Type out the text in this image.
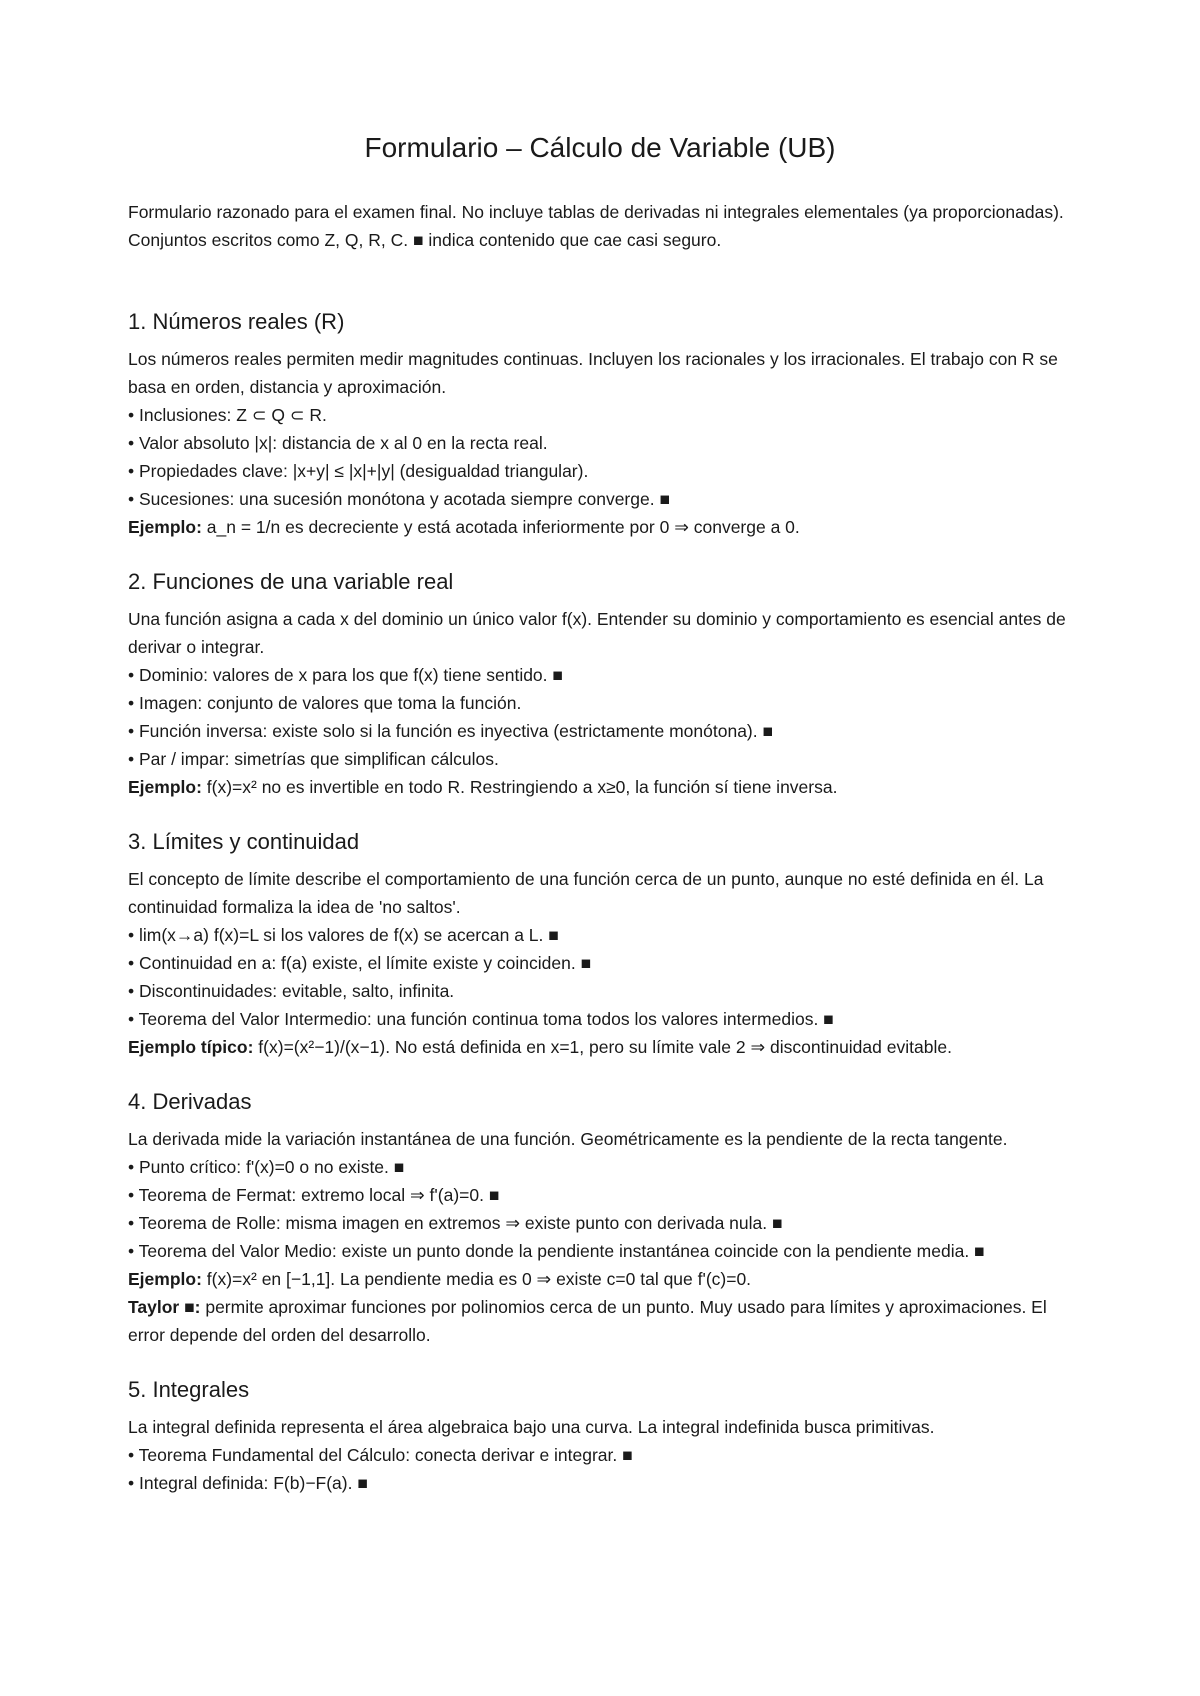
Formulario – Cálculo de Variable (UB)

Formulario razonado para el examen final. No incluye tablas de derivadas ni integrales elementales (ya proporcionadas). Conjuntos escritos como Z, Q, R, C. ■ indica contenido que cae casi seguro.

1. Números reales (R)

Los números reales permiten medir magnitudes continuas. Incluyen los racionales y los irracionales. El trabajo con R se basa en orden, distancia y aproximación.

• Inclusiones: Z ⊂ Q ⊂ R.
• Valor absoluto |x|: distancia de x al 0 en la recta real.
• Propiedades clave: |x+y| ≤ |x|+|y| (desigualdad triangular).
• Sucesiones: una sucesión monótona y acotada siempre converge. ■
Ejemplo: a_n = 1/n es decreciente y está acotada inferiormente por 0 ⇒ converge a 0.
2. Funciones de una variable real

Una función asigna a cada x del dominio un único valor f(x). Entender su dominio y comportamiento es esencial antes de derivar o integrar.

• Dominio: valores de x para los que f(x) tiene sentido. ■
• Imagen: conjunto de valores que toma la función.
• Función inversa: existe solo si la función es inyectiva (estrictamente monótona). ■
• Par / impar: simetrías que simplifican cálculos.
Ejemplo: f(x)=x² no es invertible en todo R. Restringiendo a x≥0, la función sí tiene inversa.
3. Límites y continuidad

El concepto de límite describe el comportamiento de una función cerca de un punto, aunque no esté definida en él. La continuidad formaliza la idea de 'no saltos'.

• lim(x→a) f(x)=L si los valores de f(x) se acercan a L. ■
• Continuidad en a: f(a) existe, el límite existe y coinciden. ■
• Discontinuidades: evitable, salto, infinita.
• Teorema del Valor Intermedio: una función continua toma todos los valores intermedios. ■
Ejemplo típico: f(x)=(x²−1)/(x−1). No está definida en x=1, pero su límite vale 2 ⇒ discontinuidad evitable.
4. Derivadas

La derivada mide la variación instantánea de una función. Geométricamente es la pendiente de la recta tangente.

• Punto crítico: f'(x)=0 o no existe. ■
• Teorema de Fermat: extremo local ⇒ f'(a)=0. ■
• Teorema de Rolle: misma imagen en extremos ⇒ existe punto con derivada nula. ■
• Teorema del Valor Medio: existe un punto donde la pendiente instantánea coincide con la pendiente media. ■
Ejemplo: f(x)=x² en [−1,1]. La pendiente media es 0 ⇒ existe c=0 tal que f'(c)=0.
Taylor ■: permite aproximar funciones por polinomios cerca de un punto. Muy usado para límites y aproximaciones. El error depende del orden del desarrollo.
5. Integrales

La integral definida representa el área algebraica bajo una curva. La integral indefinida busca primitivas.

• Teorema Fundamental del Cálculo: conecta derivar e integrar. ■
• Integral definida: F(b)−F(a). ■
